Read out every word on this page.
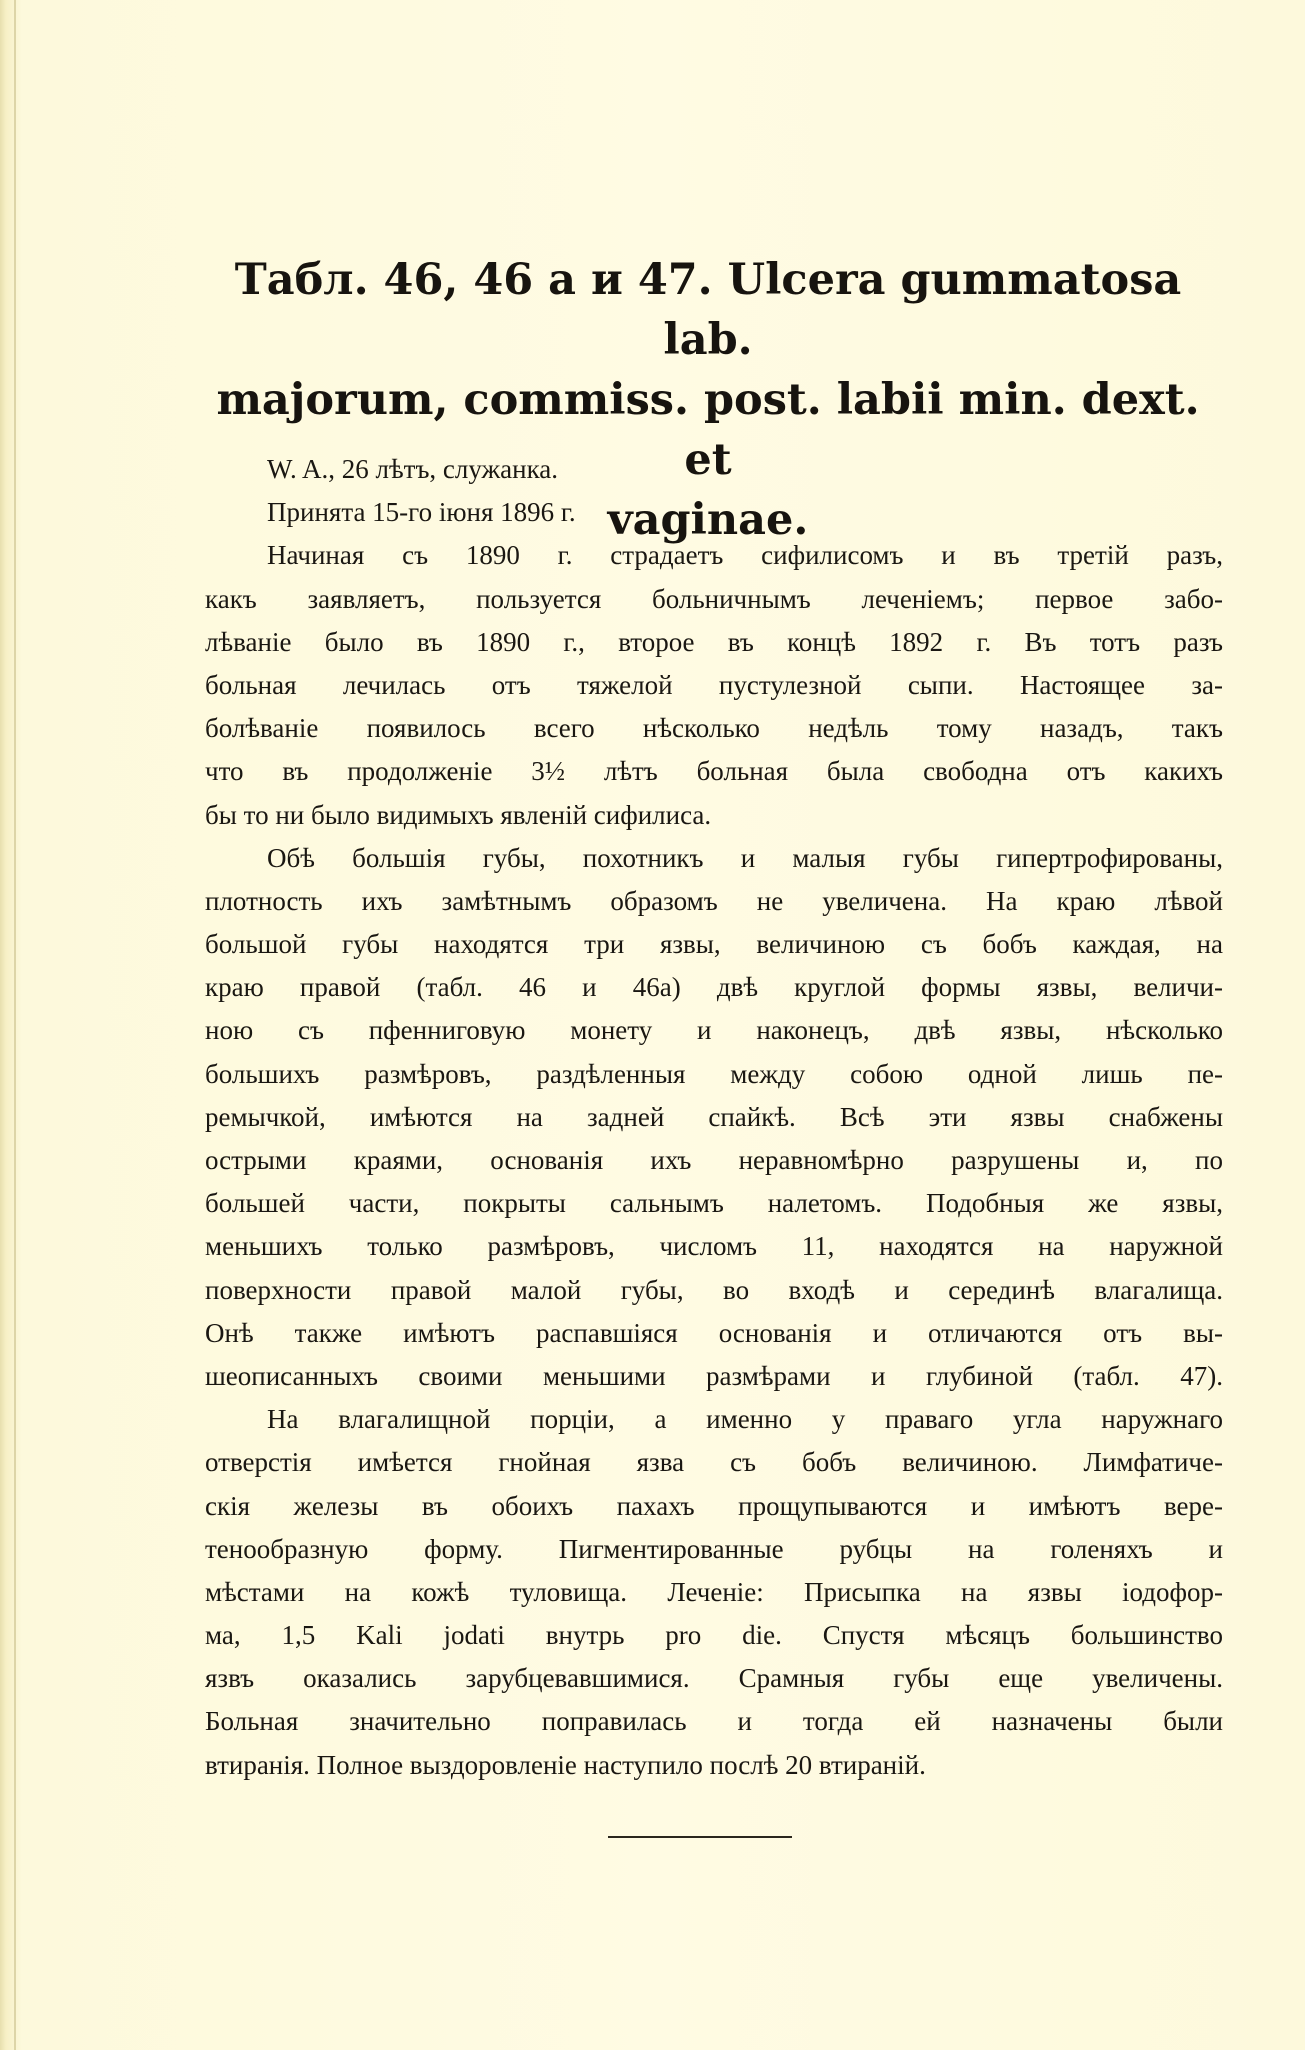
Табл. 46, 46 а и 47. Ulcera gummatosa lab.
majorum, commiss. post. labii min. dext. et
vaginae.
W. A., 26 лѣтъ, служанка.
Принята 15-го iюня 1896 г.
Начиная съ 1890 г. страдаетъ сифилисомъ и въ третiй разъ,
какъ заявляетъ, пользуется больничнымъ леченiемъ; первое забо-
лѣванiе было въ 1890 г., второе въ концѣ 1892 г. Въ тотъ разъ
больная лечилась отъ тяжелой пустулезной сыпи. Настоящее за-
болѣванiе появилось всего нѣсколько недѣль тому назадъ, такъ
что въ продолженiе 3½ лѣтъ больная была свободна отъ какихъ
бы то ни было видимыхъ явленiй сифилиса.
Обѣ большiя губы, похотникъ и малыя губы гипертрофированы,
плотность ихъ замѣтнымъ образомъ не увеличена. На краю лѣвой
большой губы находятся три язвы, величиною съ бобъ каждая, на
краю правой (табл. 46 и 46a) двѣ круглой формы язвы, величи-
ною съ пфенниговую монету и наконецъ, двѣ язвы, нѣсколько
большихъ размѣровъ, раздѣленныя между собою одной лишь пе-
ремычкой, имѣются на задней спайкѣ. Всѣ эти язвы снабжены
острыми краями, основанiя ихъ неравномѣрно разрушены и, по
большей части, покрыты сальнымъ налетомъ. Подобныя же язвы,
меньшихъ только размѣровъ, числомъ 11, находятся на наружной
поверхности правой малой губы, во входѣ и серединѣ влагалища.
Онѣ также имѣютъ распавшiяся основанiя и отличаются отъ вы-
шеописанныхъ своими меньшими размѣрами и глубиной (табл. 47).
На влагалищной порцiи, а именно у праваго угла наружнаго
отверстiя имѣется гнойная язва съ бобъ величиною. Лимфатиче-
скiя железы въ обоихъ пахахъ прощупываются и имѣютъ вере-
тенообразную форму. Пигментированные рубцы на голеняхъ и
мѣстами на кожѣ туловища. Леченiе: Присыпка на язвы iодофор-
ма, 1,5 Kali jodati внутрь pro die. Спустя мѣсяцъ большинство
язвъ оказались зарубцевавшимися. Срамныя губы еще увеличены.
Больная значительно поправилась и тогда ей назначены были
втиранiя. Полное выздоровленiе наступило послѣ 20 втиранiй.
